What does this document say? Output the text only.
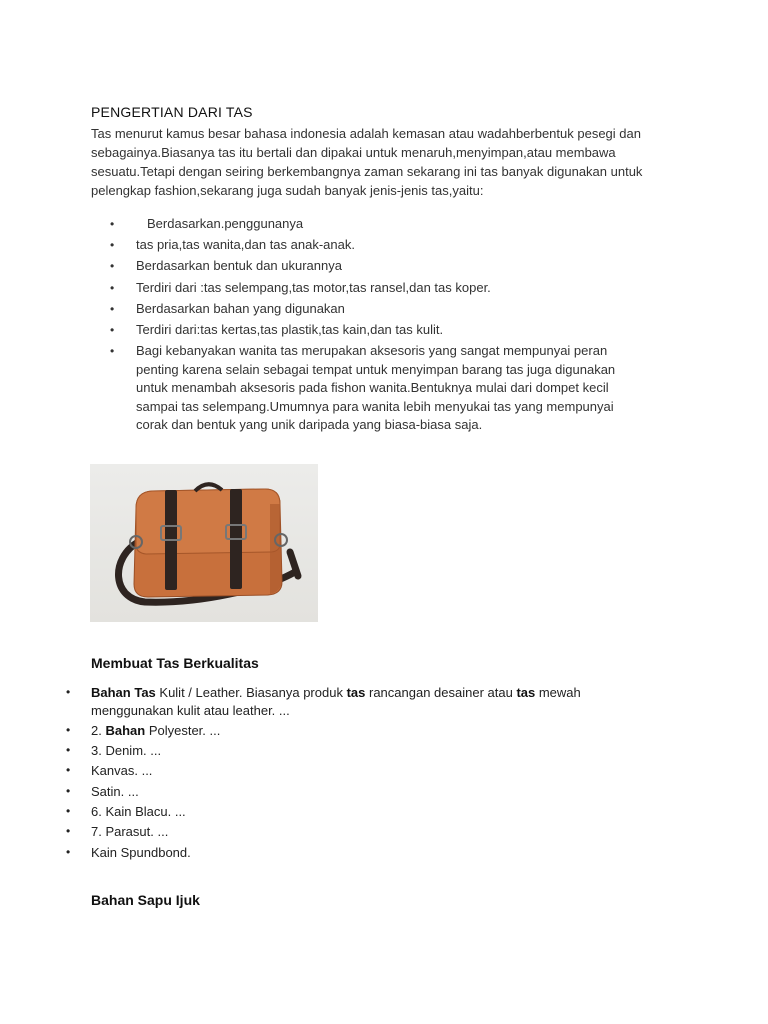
PENGERTIAN DARI TAS

Tas menurut kamus besar bahasa indonesia adalah kemasan atau wadahberbentuk pesegi dan
sebagainya.Biasanya tas itu bertali dan dipakai untuk menaruh,menyimpan,atau membawa
sesuatu.Tetapi dengan seiring berkembangnya zaman sekarang ini tas banyak digunakan untuk
pelengkap fashion,sekarang juga sudah banyak jenis-jenis tas,yaitu:

•	Berdasarkan.penggunanya
• tas pria,tas wanita,dan tas anak-anak.
• Berdasarkan bentuk dan ukurannya
• Terdiri dari :tas selempang,tas motor,tas ransel,dan tas koper.
• Berdasarkan bahan yang digunakan
• Terdiri dari:tas kertas,tas plastik,tas kain,dan tas kulit.
• Bagi kebanyakan wanita tas merupakan aksesoris yang sangat mempunyai peran
penting karena selain sebagai tempat untuk menyimpan barang tas juga digunakan
untuk menambah aksesoris pada fishon wanita.Bentuknya mulai dari dompet kecil
sampai tas selempang.Umumnya para wanita lebih menyukai tas yang mempunyai
corak dan bentuk yang unik daripada yang biasa-biasa saja.
Membuat Tas Berkualitas
• Bahan Tas Kulit / Leather. Biasanya produk tas rancangan desainer atau tas mewah
menggunakan kulit atau leather. ...
• 2. Bahan Polyester. ...
• 3. Denim. ...
• Kanvas. ...
• Satin. ...
• 6. Kain Blacu. ...
• 7. Parasut. ...
• Kain Spundbond.
Bahan Sapu Ijuk
